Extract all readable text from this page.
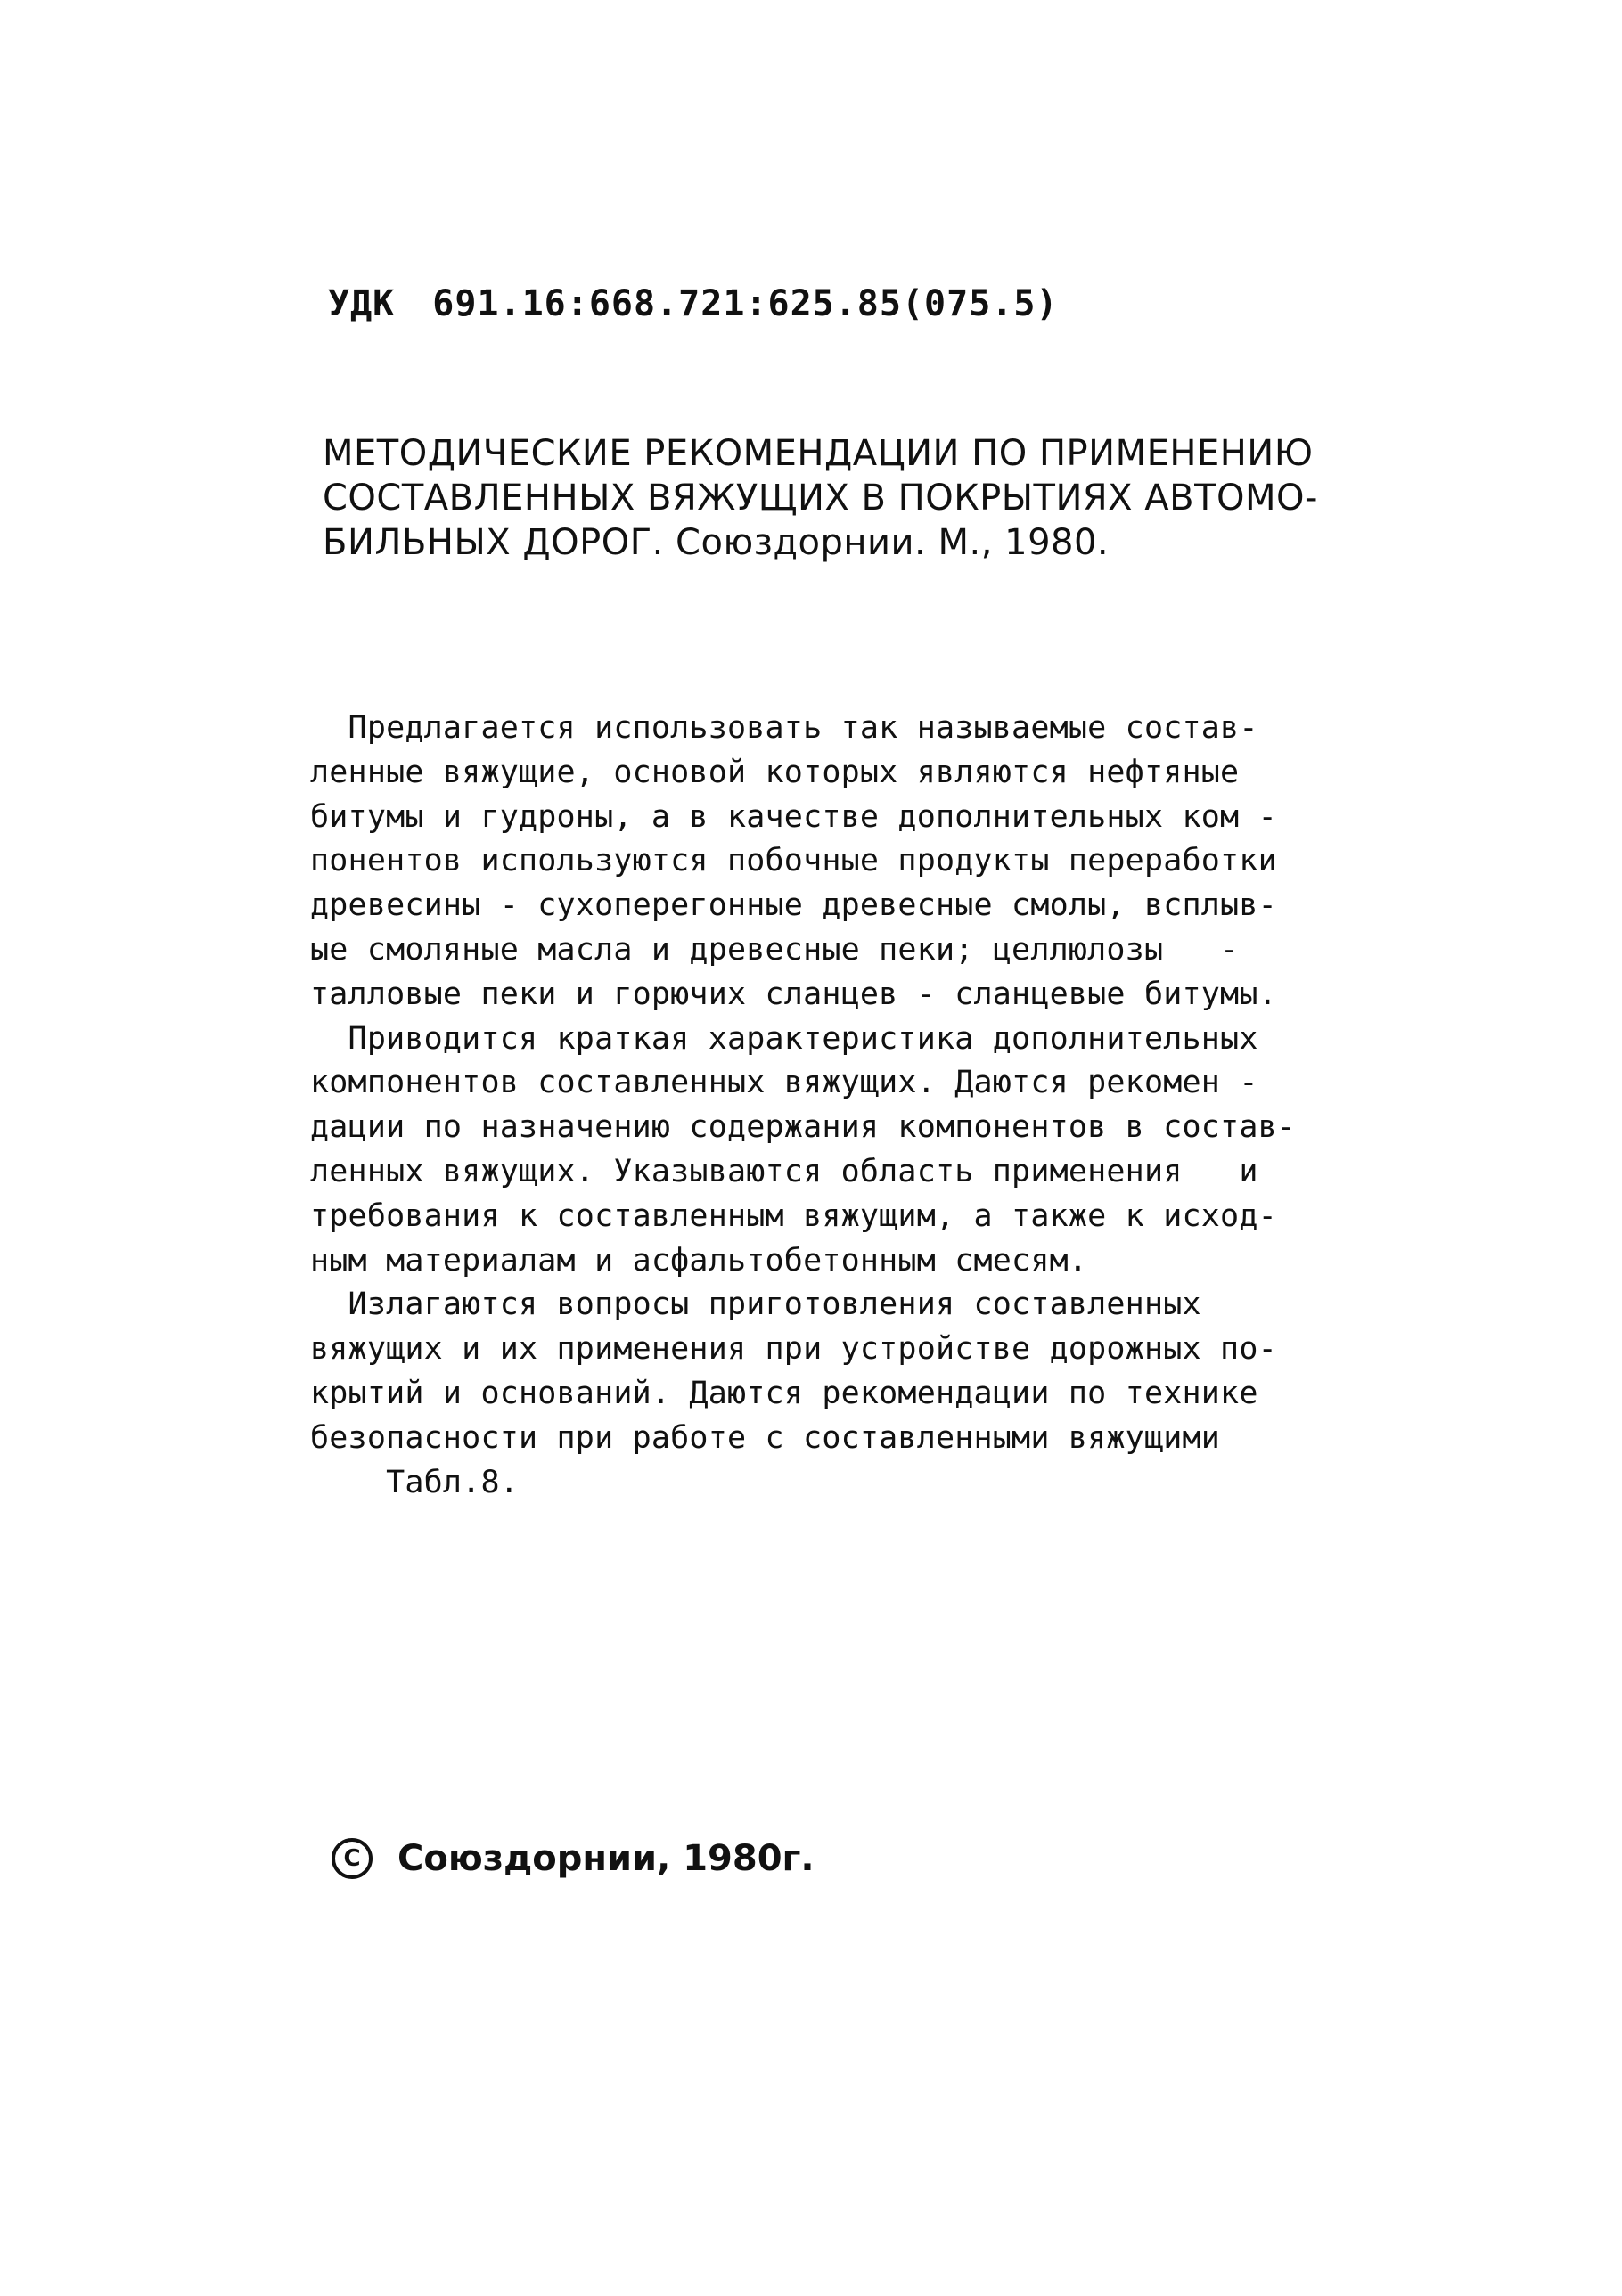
УДК 691.16:668.721:625.85(075.5)
МЕТОДИЧЕСКИЕ РЕКОМЕНДАЦИИ ПО ПРИМЕНЕНИЮ
СОСТАВЛЕННЫХ ВЯЖУЩИХ В ПОКРЫТИЯХ АВТОМО-
БИЛЬНЫХ ДОРОГ. Союздорнии. М., 1980.
Предлагается использовать так называемые состав-
ленные вяжущие, основой которых являются нефтяные
битумы и гудроны, а в качестве дополнительных ком -
понентов используются побочные продукты переработки
древесины - сухоперегонные древесные смолы, всплыв-
ые смоляные масла и древесные пеки; целлюлозы   -
талловые пеки и горючих сланцев - сланцевые битумы.
Приводится краткая характеристика дополнительных
компонентов составленных вяжущих. Даются рекомен -
дации по назначению содержания компонентов в состав-
ленных вяжущих. Указываются область применения   и
требования к составленным вяжущим, а также к исход-
ным материалам и асфальтобетонным смесям.
Излагаются вопросы приготовления составленных
вяжущих и их применения при устройстве дорожных по-
крытий и оснований. Даются рекомендации по технике
безопасности при работе с составленными вяжущими
Табл.8.
C
Союздорнии, 1980г.
